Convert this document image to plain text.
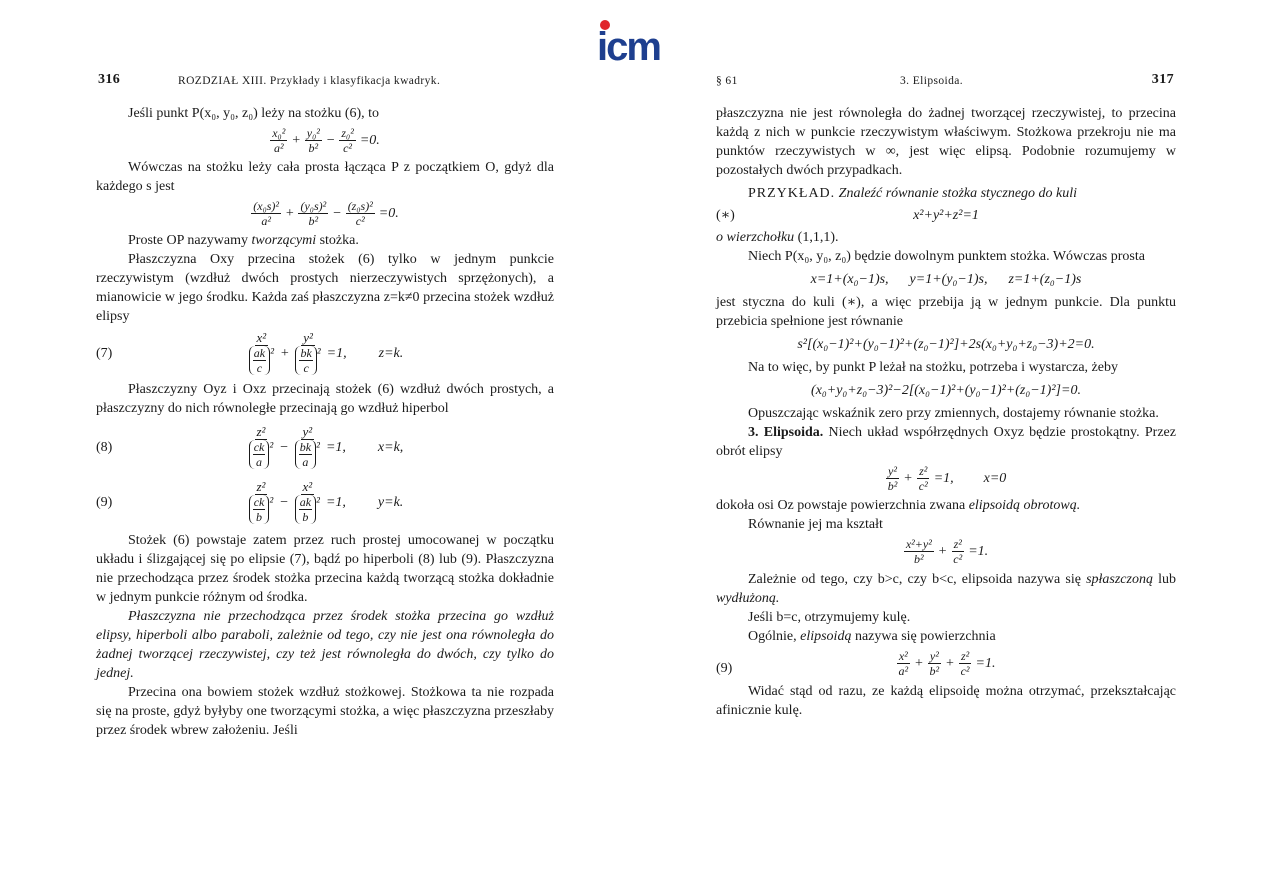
icm
316	ROZDZIAŁ XIII. Przykłady i klasyfikacja kwadryk.

Jeśli punkt P(x₀, y₀, z₀) leży na stożku (6), to

$\frac{\text{x₀²}}{\text{a²}} + \frac{\text{y₀²}}{\text{b²}} - \frac{\text{z₀²}}{\text{c²}} =0$.

Wówczas na stożku leży cała prosta łącząca P z początkiem O, gdyż dla każdego s jest

$\frac{\text{(x₀s)²}}{\text{a²}} + \frac{\text{(y₀s)²}}{\text{b²}} - \frac{\text{(z₀s)²}}{\text{c²}} =0$.

Proste OP nazywamy tworzącymi stożka.

Płaszczyzna Oxy przecina stożek (6) tylko w jednym punkcie rzeczywistym (wzdłuż dwóch prostych nierzeczywistych sprzężonych), a mianowicie w jego środku. Każda zaś płaszczyzna z=k≠0 przecina stożek wzdłuż elipsy

(7)	$\frac{\text{x²}}{\frac{ak}{c} ^2} + \frac{\text{y²}}{\frac{bk}{c} ^2} =1$, z=k.

Płaszczyzny Oyz i Oxz przecinają stożek (6) wzdłuż dwóch prostych, a płaszczyzny do nich równoległe przecinają go wzdłuż hiperbol

(8)	$\frac{\text{z²}}{\frac{ck}{a} ^2} - \frac{\text{y²}}{\frac{bk}{a} ^2} =1$, x=k,
(9)	$\frac{\text{z²}}{\frac{ck}{b} ^2} - \frac{\text{x²}}{\frac{ak}{b} ^2} =1$, y=k.

Stożek (6) powstaje zatem przez ruch prostej umocowanej w początku układu i ślizgającej się po elipsie (7), bądź po hiperboli (8) lub (9). Płaszczyzna nie przechodząca przez środek stożka przecina każdą tworzącą stożka dokładnie w jednym punkcie różnym od środka.

Płaszczyzna nie przechodząca przez środek stożka przecina go wzdłuż elipsy, hiperboli albo paraboli, zależnie od tego, czy nie jest ona równoległa do żadnej tworzącej rzeczywistej, czy też jest równoległa do dwóch, czy tylko do jednej.

Przecina ona bowiem stożek wzdłuż stożkowej. Stożkowa ta nie rozpada się na proste, gdyż byłyby one tworzącymi stożka, a więc płaszczyzna przeszłaby przez środek wbrew założeniu. Jeśli

§ 61	3. Elipsoida.	317

płaszczyzna nie jest równoległa do żadnej tworzącej rzeczywistej, to przecina każdą z nich w punkcie rzeczywistym właściwym. Stożkowa przekroju nie ma punktów rzeczywistych w ∞, jest więc elipsą. Podobnie rozumujemy w pozostałych dwóch przypadkach.

PRZYKŁAD. Znaleźć równanie stożka stycznego do kuli

(∗)	x²+y²+z²=1

o wierzchołku (1,1,1).

Niech P(x₀, y₀, z₀) będzie dowolnym punktem stożka. Wówczas prosta

x=1+(x₀−1)s,      y=1+(y₀−1)s,      z=1+(z₀−1)s

jest styczna do kuli (∗), a więc przebija ją w jednym punkcie. Dla punktu przebicia spełnione jest równanie

s²[(x₀−1)²+(y₀−1)²+(z₀−1)²]+2s(x₀+y₀+z₀−3)+2=0.

Na to więc, by punkt P leżał na stożku, potrzeba i wystarcza, żeby

(x₀+y₀+z₀−3)²−2[(x₀−1)²+(y₀−1)²+(z₀−1)²]=0.

Opuszczając wskaźnik zero przy zmiennych, dostajemy równanie stożka.

3. Elipsoida. Niech układ współrzędnych Oxyz będzie prostokątny. Przez obrót elipsy

$\frac{\text{y²}}{\text{b²}} + \frac{\text{z²}}{\text{c²}} =1$, x=0

dokoła osi Oz powstaje powierzchnia zwana elipsoidą obrotową.

Równanie jej ma kształt

$\frac{\text{x²+y²}}{\text{b²}} + \frac{\text{z²}}{\text{c²}} =1$.

Zależnie od tego, czy b>c, czy b<c, elipsoida nazywa się spłaszczoną lub wydłużoną.

Jeśli b=c, otrzymujemy kulę.

Ogólnie, elipsoidą nazywa się powierzchnia

(9)	$\frac{\text{x²}}{\text{a²}} + \frac{\text{y²}}{\text{b²}} + \frac{\text{z²}}{\text{c²}} =1$.

Widać stąd od razu, ze każdą elipsoidę można otrzymać, przekształcając afinicznie kulę.
